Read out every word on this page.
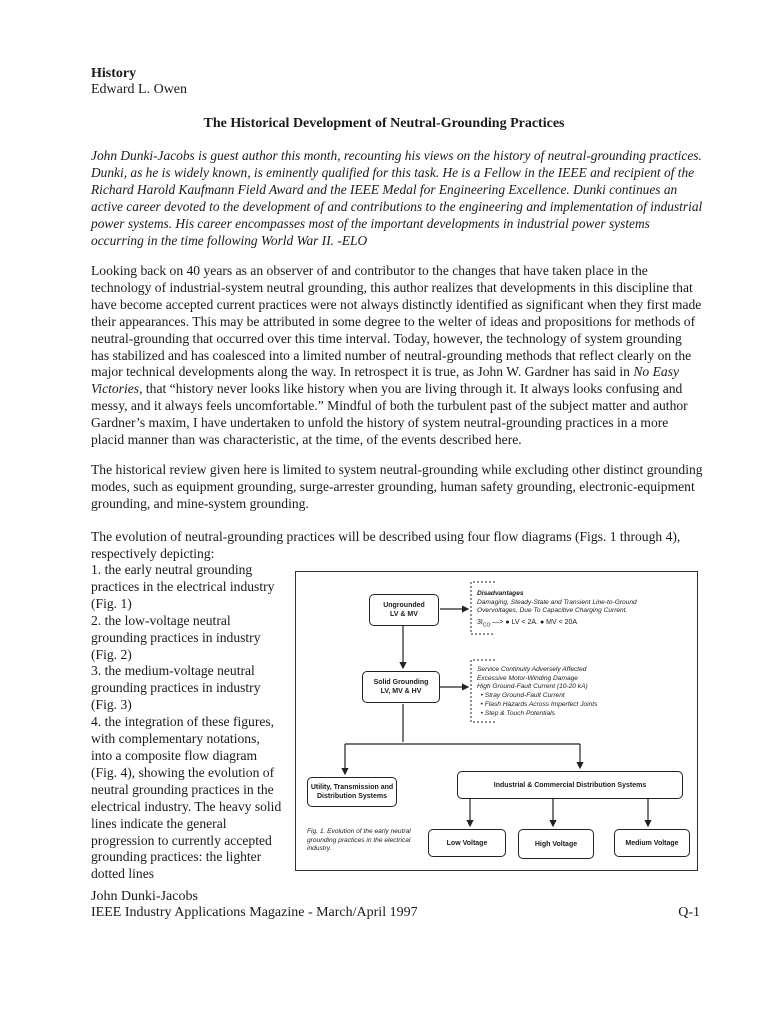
History
Edward L. Owen
The Historical Development of Neutral-Grounding Practices

John Dunki-Jacobs is guest author this month, recounting his views on the history of neutral-grounding practices. Dunki, as he is widely known, is eminently qualified for this task. He is a Fellow in the IEEE and recipient of the Richard Harold Kaufmann Field Award and the IEEE Medal for Engineering Excellence. Dunki continues an active career devoted to the development of and contributions to the engineering and implementation of industrial power systems. His career encompasses most of the important developments in industrial power systems occurring in the time following World War II. -ELO

Looking back on 40 years as an observer of and contributor to the changes that have taken place in the technology of industrial-system neutral grounding, this author realizes that developments in this discipline that have become accepted current practices were not always distinctly identified as significant when they first made their appearances. This may be attributed in some degree to the welter of ideas and propositions for methods of neutral-grounding that occurred over this time interval. Today, however, the technology of system grounding has stabilized and has coalesced into a limited number of neutral-grounding methods that reflect clearly on the major technical developments along the way. In retrospect it is true, as John W. Gardner has said in No Easy Victories, that “history never looks like history when you are living through it. It always looks confusing and messy, and it always feels uncomfortable.” Mindful of both the turbulent past of the subject matter and author Gardner’s maxim, I have undertaken to unfold the history of system neutral-grounding practices in a more placid manner than was characteristic, at the time, of the events described here.

The historical review given here is limited to system neutral-grounding while excluding other distinct grounding modes, such as equipment grounding, surge-arrester grounding, human safety grounding, electronic-equipment grounding, and mine-system grounding.

The evolution of neutral-grounding practices will be described using four flow diagrams (Figs. 1 through 4), respectively depicting:

1. the early neutral grounding practices in the electrical industry (Fig. 1)

2. the low-voltage neutral grounding practices in industry (Fig. 2)

3. the medium-voltage neutral grounding practices in industry (Fig. 3)

4. the integration of these figures, with complementary notations, into a composite flow diagram (Fig. 4), showing the evolution of neutral grounding practices in the electrical industry. The heavy solid lines indicate the general progression to currently accepted grounding practices: the lighter dotted lines

Ungrounded
LV & MV
Disadvantages
Damaging, Steady-State and Transient Line-to-Ground
Overvoltages, Due To Capacitive Charging Current.
$3I_{CO}$ —> ● LV < 2A. ● MV < 20A
Solid Grounding
LV, MV & HV
Service Continuity Adversely Affected
Excessive Motor-Winding Damage
High Ground-Fault Current (10-20 kA)
• Stray Ground-Fault Current
• Flash Hazards Across Imperfect Joints
• Step & Touch Potentials
Utility, Transmission and
Distribution Systems
Industrial & Commercial Distribution Systems
Low Voltage	High Voltage	Medium Voltage
Fig. 1. Evolution of the early neutral grounding practices in the electrical industry.
John Dunki-Jacobs
IEEE Industry Applications Magazine - March/April 1997	Q-1
